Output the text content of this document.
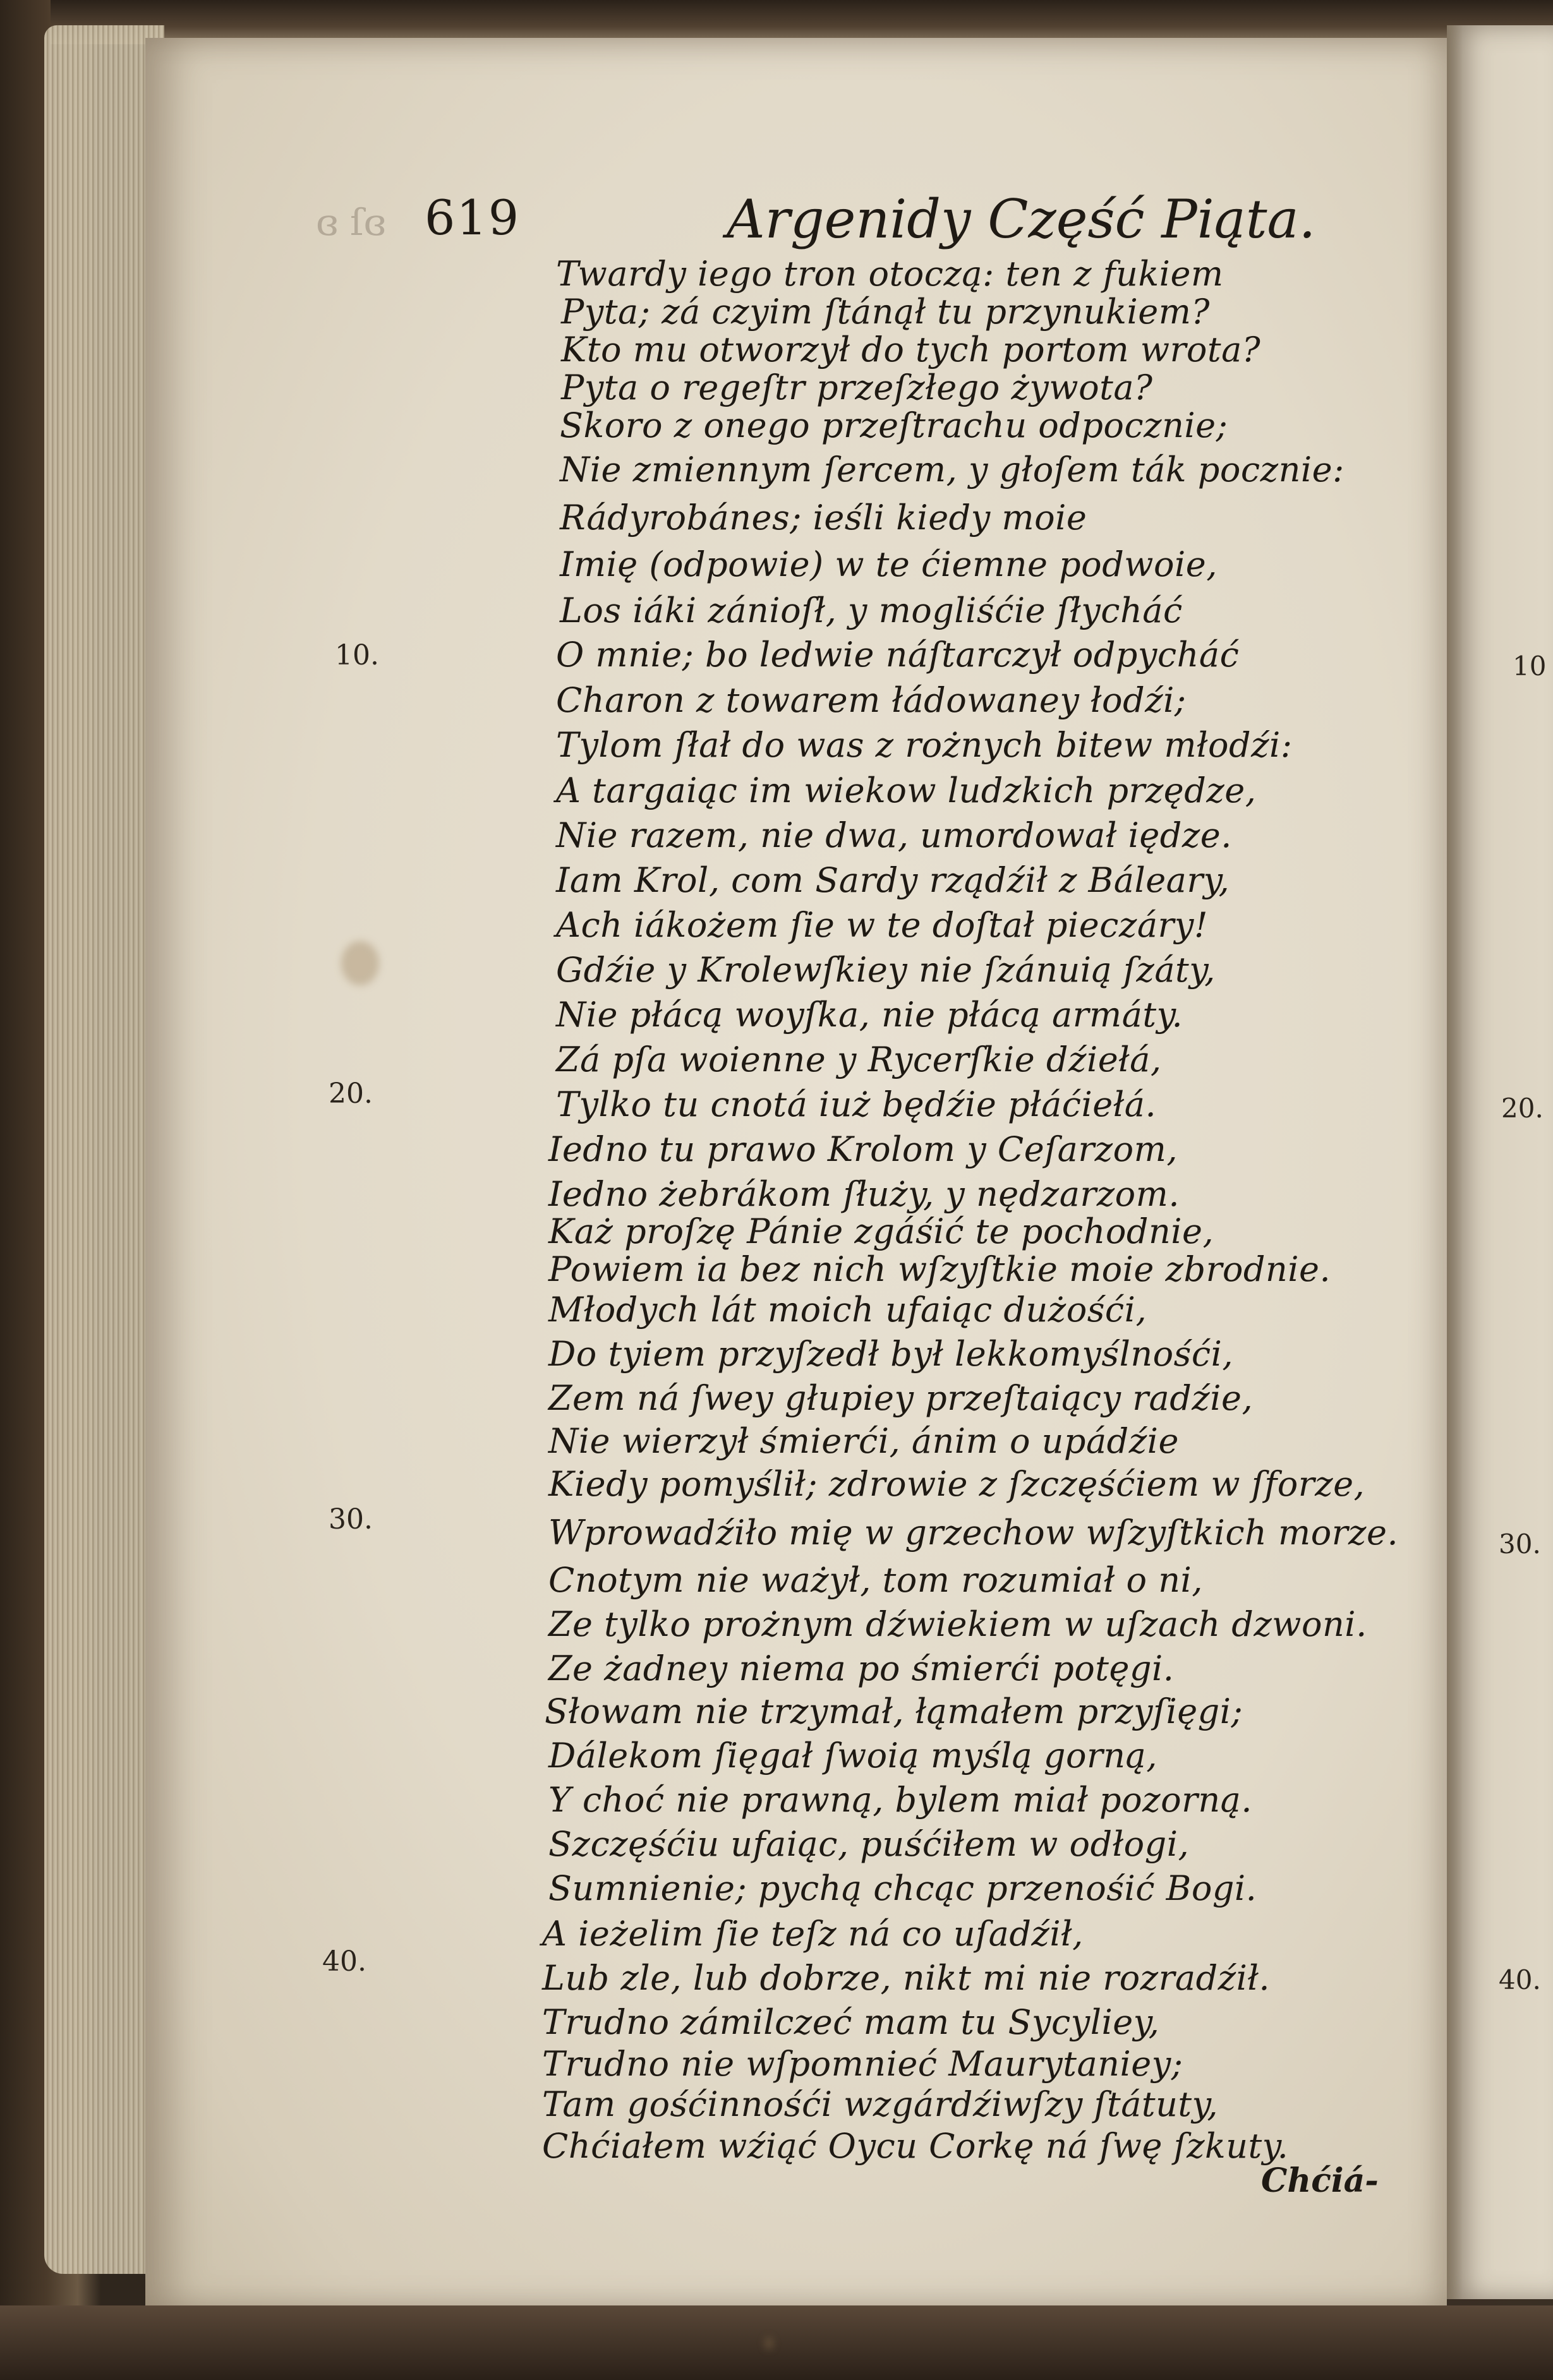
ɞ ſɞ 619	Argenidy Część Piąta.
Twardy iego tron otoczą: ten z fukiem
Pyta; zá czyim ſtánął tu przynukiem?
Kto mu otworzył do tych portom wrota?
Pyta o regeſtr przeſzłego żywota?
Skoro z onego przeſtrachu odpocznie;
Nie zmiennym ſercem, y głoſem ták pocznie:
Rádyrobánes; ieśli kiedy moie
Imię (odpowie) w te ćiemne podwoie,
Los iáki zánioſł, y mogliśćie ſłycháć
O mnie; bo ledwie náſtarczył odpycháć
Charon z towarem łádowaney łodźi;
Tylom ſłał do was z rożnych bitew młodźi:
A targaiąc im wiekow ludzkich przędze,
Nie razem, nie dwa, umordował iędze.
Iam Krol, com Sardy rządźił z Báleary,
Ach iákożem ſie w te doſtał pieczáry!
Gdźie y Krolewſkiey nie ſzánuią ſzáty,
Nie płácą woyſka, nie płácą armáty.
Zá pſa woienne y Rycerſkie dźiełá,
Tylko tu cnotá iuż będźie płáćiełá.
Iedno tu prawo Krolom y Ceſarzom,
Iedno żebrákom ſłuży, y nędzarzom.
Każ proſzę Pánie zgáśić te pochodnie,
Powiem ia bez nich wſzyſtkie moie zbrodnie.
Młodych lát moich ufaiąc dużośći,
Do tyiem przyſzedł był lekkomyślnośći,
Zem ná ſwey głupiey przeſtaiący radźie,
Nie wierzył śmierći, ánim o upádźie
Kiedy pomyślił; zdrowie z ſzczęśćiem w ſforze,
Wprowadźiło mię w grzechow wſzyſtkich morze.
Cnotym nie ważył, tom rozumiał o ni,
Ze tylko prożnym dźwiekiem w uſzach dzwoni.
Ze żadney niema po śmierći potęgi.
Słowam nie trzymał, łąmałem przyſięgi;
Dálekom ſięgał ſwoią myślą gorną,
Y choć nie prawną, bylem miał pozorną.
Szczęśćiu ufaiąc, puśćiłem w odłogi,
Sumnienie; pychą chcąc przenośić Bogi.
A ieżelim ſie teſz ná co uſadźił,
Lub zle, lub dobrze, nikt mi nie rozradźił.
Trudno zámilczeć mam tu Sycyliey,
Trudno nie wſpomnieć Maurytaniey;
Tam gośćinnośći wzgárdźiwſzy ſtátuty,
Chćiałem wźiąć Oycu Corkę ná ſwę ſzkuty.
10.
20.
30.
40.
10
20.
30.
40.
Chćiá-
